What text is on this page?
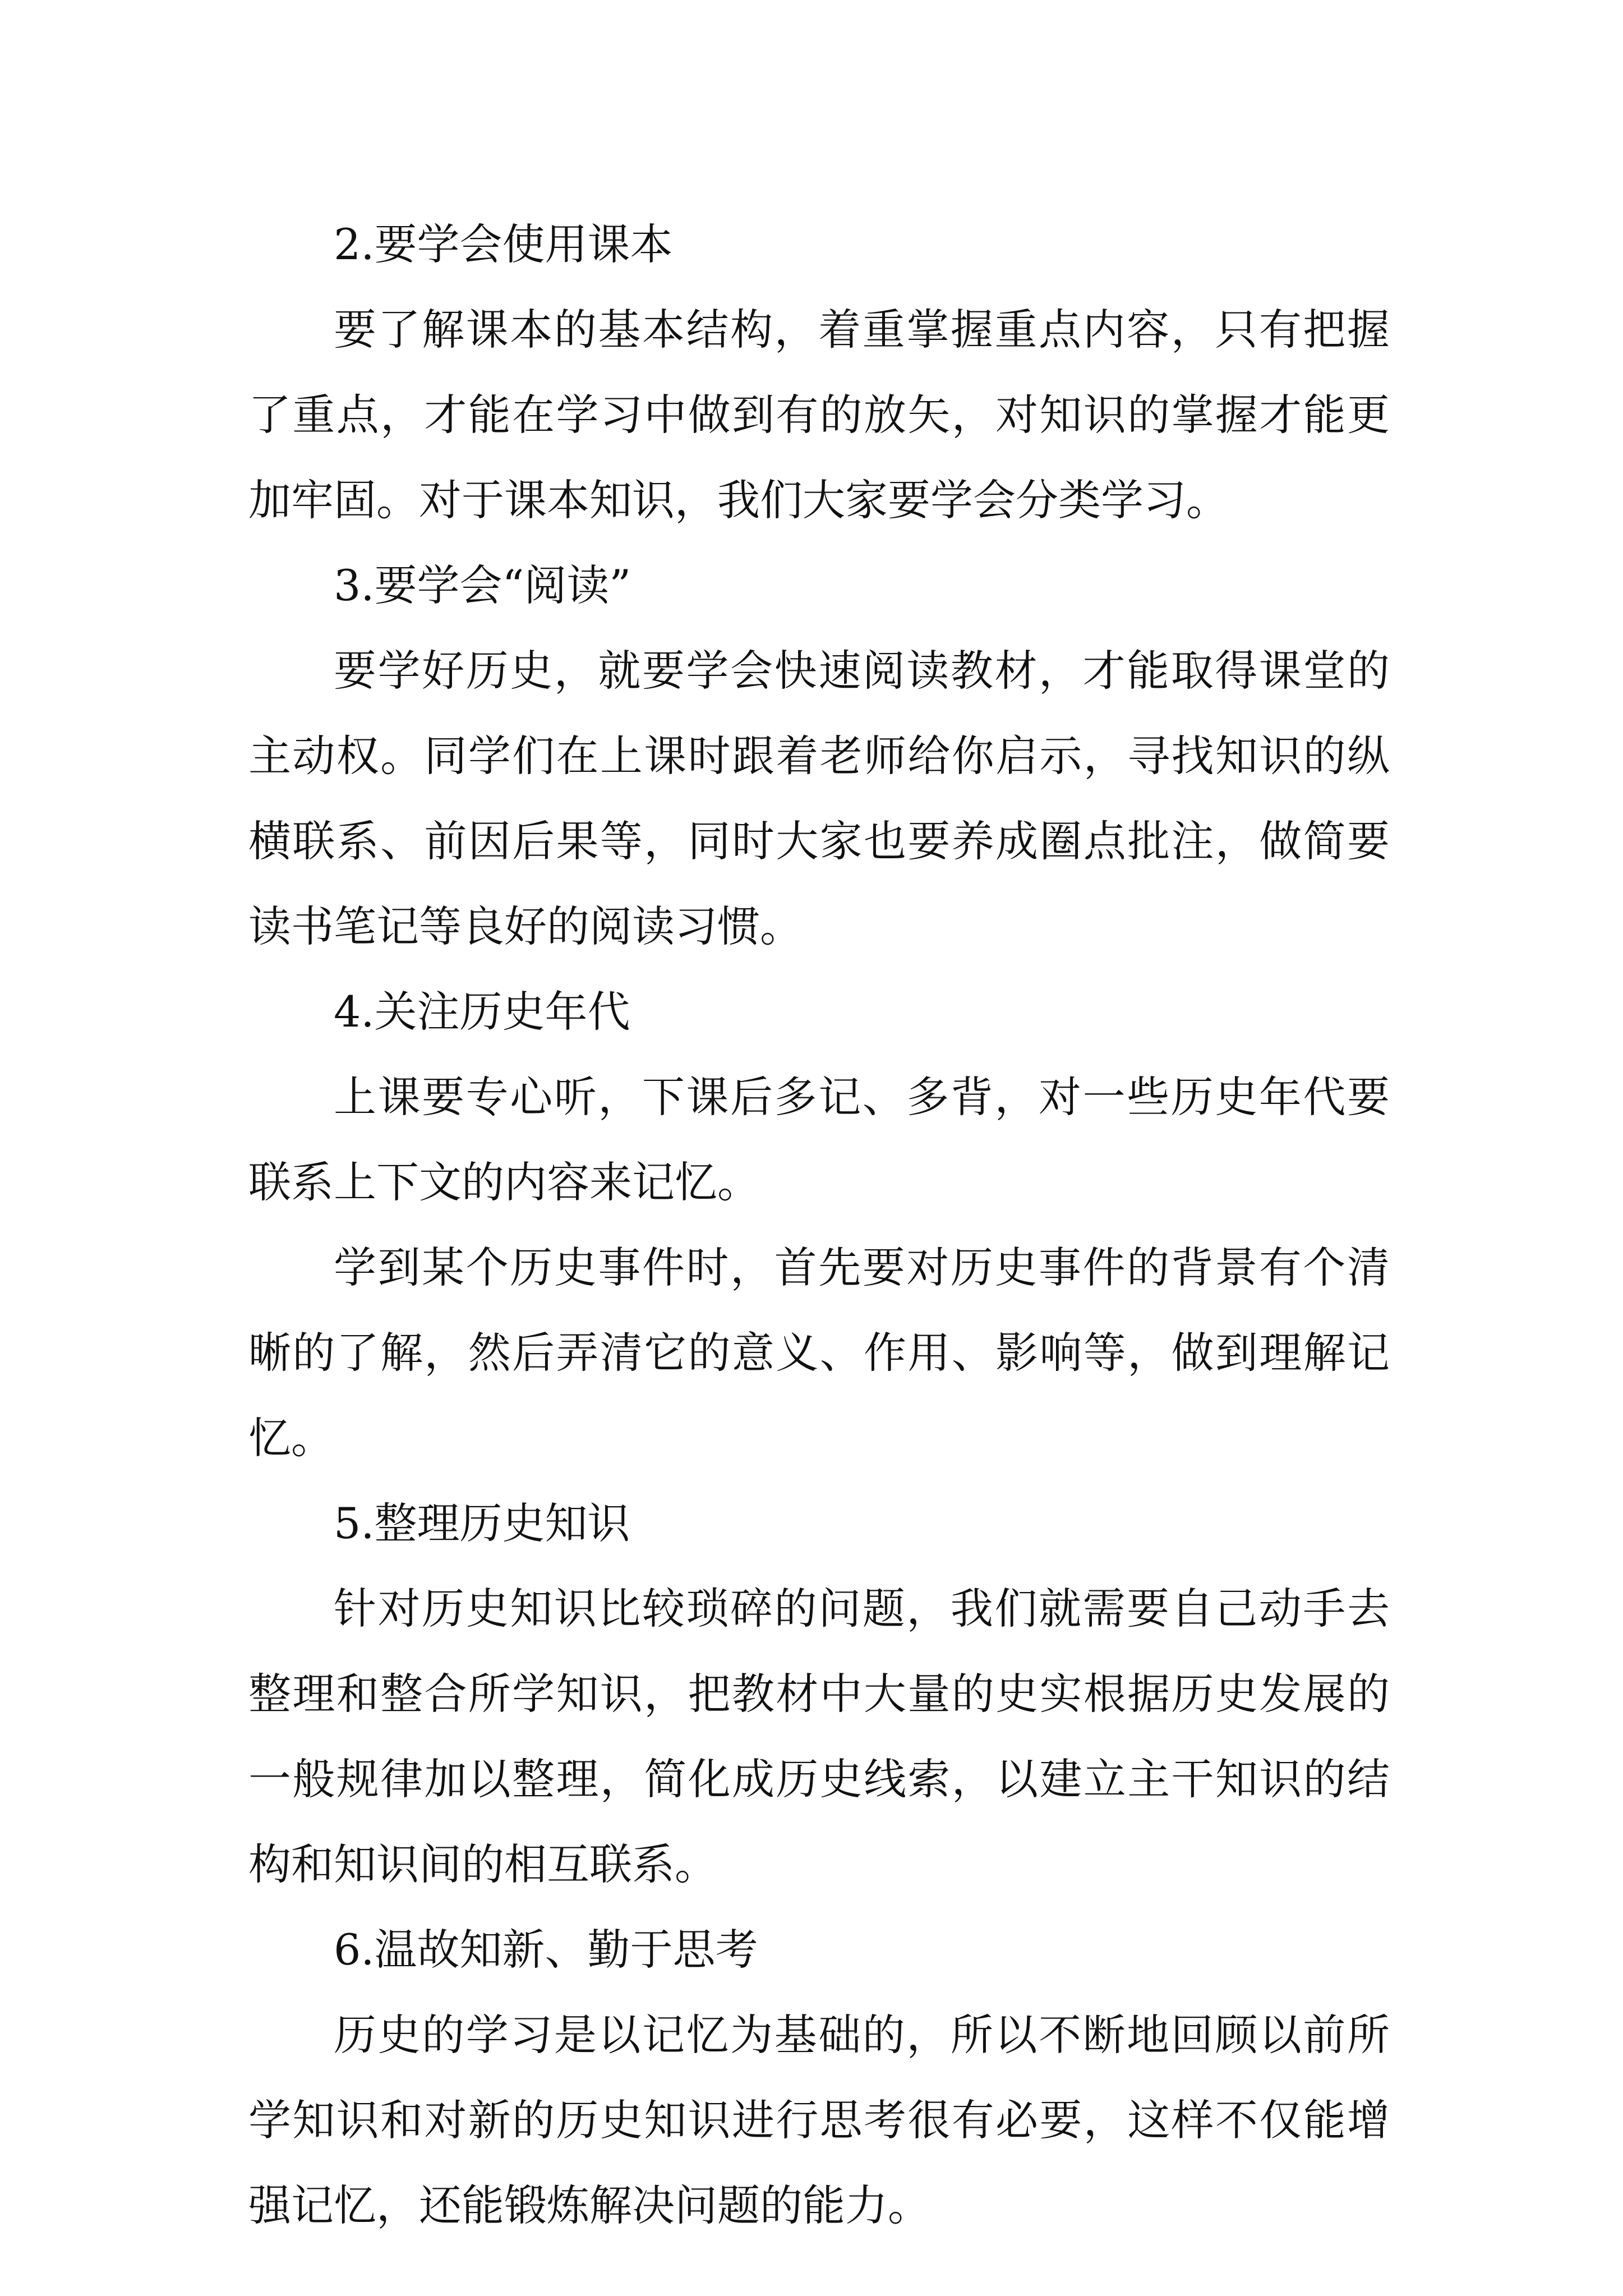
2.要学会使用课本

要了解课本的基本结构，着重掌握重点内容，只有把握

了重点，才能在学习中做到有的放矢，对知识的掌握才能更

加牢固。对于课本知识，我们大家要学会分类学习。

3.要学会“阅读”

要学好历史，就要学会快速阅读教材，才能取得课堂的

主动权。同学们在上课时跟着老师给你启示，寻找知识的纵

横联系、前因后果等，同时大家也要养成圈点批注，做简要

读书笔记等良好的阅读习惯。

4.关注历史年代

上课要专心听，下课后多记、多背，对一些历史年代要

联系上下文的内容来记忆。

学到某个历史事件时，首先要对历史事件的背景有个清

晰的了解，然后弄清它的意义、作用、影响等，做到理解记

忆。

5.整理历史知识

针对历史知识比较琐碎的问题，我们就需要自己动手去

整理和整合所学知识，把教材中大量的史实根据历史发展的

一般规律加以整理，简化成历史线索，以建立主干知识的结

构和知识间的相互联系。

6.温故知新、勤于思考

历史的学习是以记忆为基础的，所以不断地回顾以前所

学知识和对新的历史知识进行思考很有必要，这样不仅能增

强记忆，还能锻炼解决问题的能力。
